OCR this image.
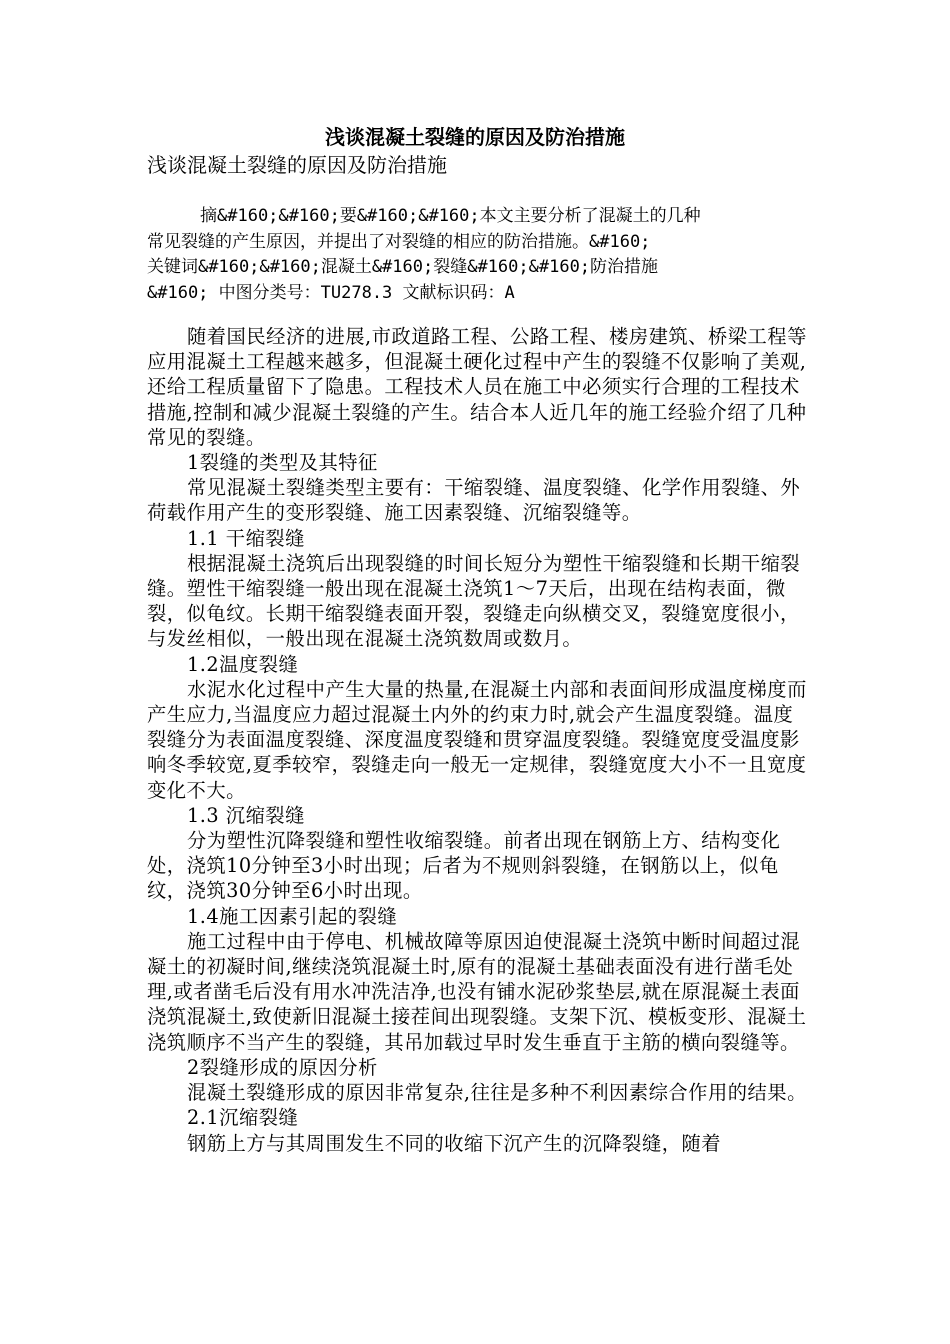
浅谈混凝土裂缝的原因及防治措施
浅谈混凝土裂缝的原因及防治措施

摘&#160;&#160;要&#160;&#160;本文主要分析了混凝土的几种

常见裂缝的产生原因，并提出了对裂缝的相应的防治措施。&#160;

关键词&#160;&#160;混凝土&#160;裂缝&#160;&#160;防治措施

&#160; 中图分类号：TU278.3 文献标识码：A

随着国民经济的进展,市政道路工程、公路工程、楼房建筑、桥梁工程等应用混凝土工程越来越多，但混凝土硬化过程中产生的裂缝不仅影响了美观,还给工程质量留下了隐患。工程技术人员在施工中必须实行合理的工程技术措施,控制和减少混凝土裂缝的产生。结合本人近几年的施工经验介绍了几种常见的裂缝。

1裂缝的类型及其特征

常见混凝土裂缝类型主要有：干缩裂缝、温度裂缝、化学作用裂缝、外荷载作用产生的变形裂缝、施工因素裂缝、沉缩裂缝等。

1.1 干缩裂缝

根据混凝土浇筑后出现裂缝的时间长短分为塑性干缩裂缝和长期干缩裂缝。塑性干缩裂缝一般出现在混凝土浇筑1～7天后，出现在结构表面，微裂，似龟纹。长期干缩裂缝表面开裂，裂缝走向纵横交叉，裂缝宽度很小，与发丝相似，一般出现在混凝土浇筑数周或数月。

1.2温度裂缝

水泥水化过程中产生大量的热量,在混凝土内部和表面间形成温度梯度而产生应力,当温度应力超过混凝土内外的约束力时,就会产生温度裂缝。温度裂缝分为表面温度裂缝、深度温度裂缝和贯穿温度裂缝。裂缝宽度受温度影响冬季较宽,夏季较窄，裂缝走向一般无一定规律，裂缝宽度大小不一且宽度变化不大。

1.3 沉缩裂缝

分为塑性沉降裂缝和塑性收缩裂缝。前者出现在钢筋上方、结构变化处，浇筑10分钟至3小时出现；后者为不规则斜裂缝，在钢筋以上，似龟纹，浇筑30分钟至6小时出现。

1.4施工因素引起的裂缝

施工过程中由于停电、机械故障等原因迫使混凝土浇筑中断时间超过混凝土的初凝时间,继续浇筑混凝土时,原有的混凝土基础表面没有进行凿毛处理,或者凿毛后没有用水冲洗洁净,也没有铺水泥砂浆垫层,就在原混凝土表面浇筑混凝土,致使新旧混凝土接茬间出现裂缝。支架下沉、模板变形、混凝土浇筑顺序不当产生的裂缝，其吊加载过早时发生垂直于主筋的横向裂缝等。

2裂缝形成的原因分析

混凝土裂缝形成的原因非常复杂,往往是多种不利因素综合作用的结果。

2.1沉缩裂缝

钢筋上方与其周围发生不同的收缩下沉产生的沉降裂缝，随着
